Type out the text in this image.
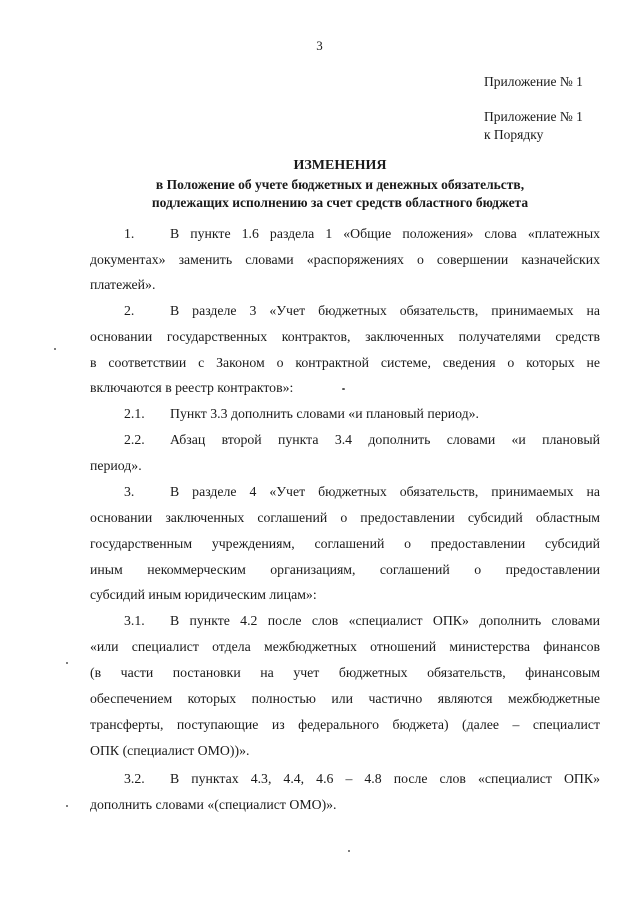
3
Приложение № 1
Приложение № 1
к Порядку
ИЗМЕНЕНИЯ
в Положение об учете бюджетных и денежных обязательств,
подлежащих исполнению за счет средств областного бюджета
1.	В пункте 1.6 раздела 1 «Общие положения» слова «платежных
документах» заменить словами «распоряжениях о совершении казначейских
платежей».
2.	В разделе 3 «Учет бюджетных обязательств, принимаемых на
основании государственных контрактов, заключенных получателями средств
в соответствии с Законом о контрактной системе, сведения о которых не
включаются в реестр контрактов»:
2.1. Пункт 3.3 дополнить словами «и плановый период».
2.2. Абзац второй пункта 3.4 дополнить словами «и плановый
период».
3.	В разделе 4 «Учет бюджетных обязательств, принимаемых на
основании заключенных соглашений о предоставлении субсидий областным
государственным учреждениям, соглашений о предоставлении субсидий
иным некоммерческим организациям, соглашений о предоставлении
субсидий иным юридическим лицам»:
3.1. В пункте 4.2 после слов «специалист ОПК» дополнить словами
«или специалист отдела межбюджетных отношений министерства финансов
(в части постановки на учет бюджетных обязательств, финансовым
обеспечением которых полностью или частично являются межбюджетные
трансферты, поступающие из федерального бюджета) (далее – специалист
ОПК (специалист ОМО))».
3.2. В пунктах 4.3, 4.4, 4.6 – 4.8 после слов «специалист ОПК»
дополнить словами «(специалист ОМО)».
